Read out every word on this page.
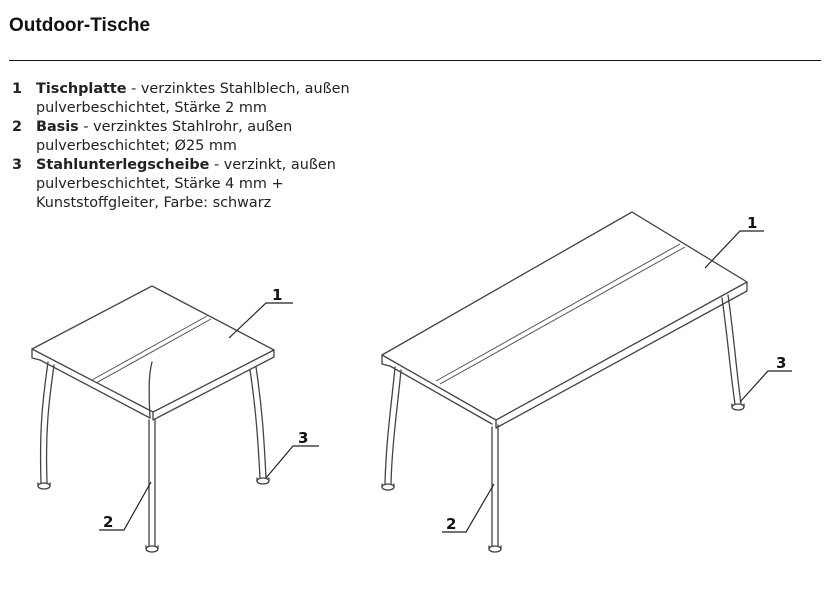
Outdoor-Tische
1 Tischplatte - verzinktes Stahlblech, außen pulverbeschichtet, Stärke 2 mm
2 Basis - verzinktes Stahlrohr, außen pulverbeschichtet; Ø25 mm
3 Stahlunterlegscheibe - verzinkt, außen pulverbeschichtet, Stärke 4 mm + Kunststoffgleiter, Farbe: schwarz
1
2
3
1
2
3
